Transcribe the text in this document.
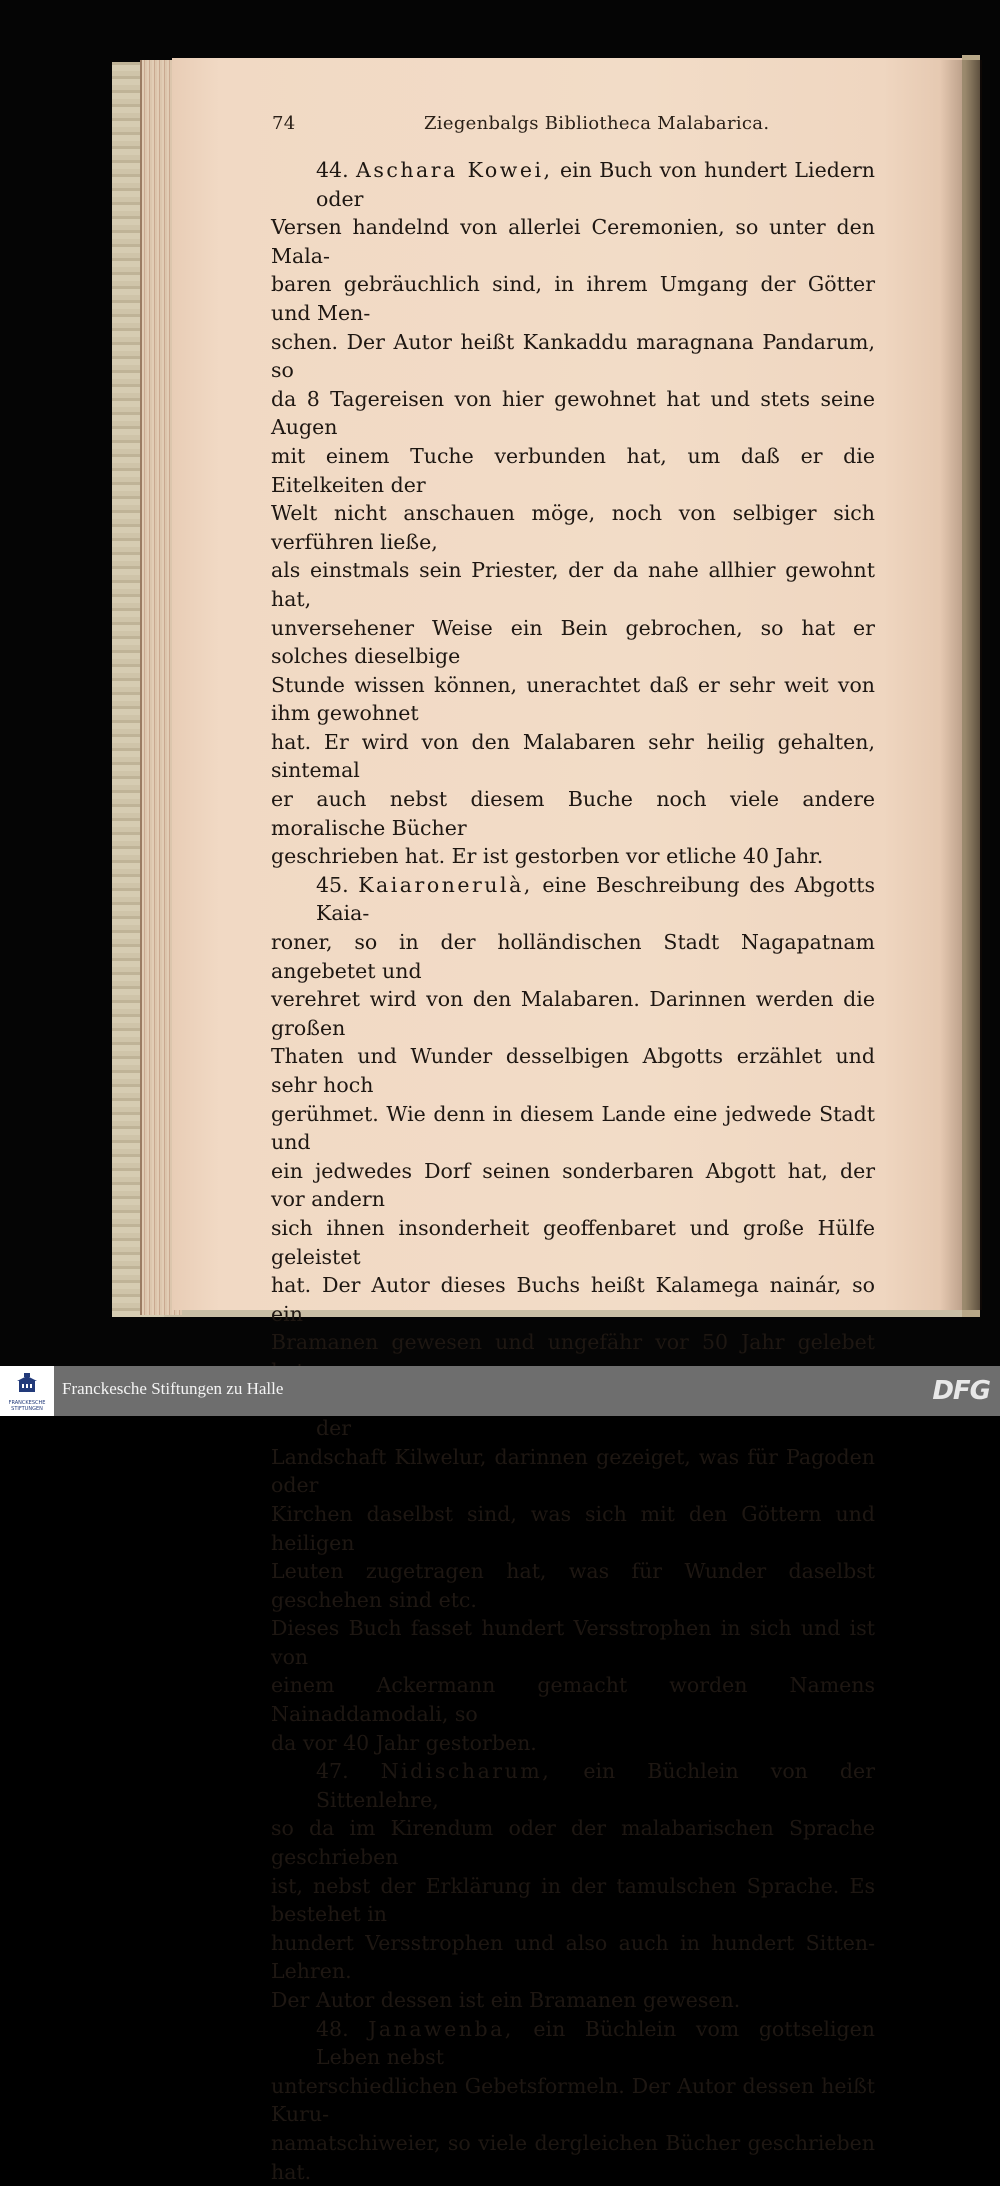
74	Ziegenbalgs Bibliotheca Malabarica.
44. Aschara Kowei, ein Buch von hundert Liedern oder
Versen handelnd von allerlei Ceremonien, so unter den Mala-
baren gebräuchlich sind, in ihrem Umgang der Götter und Men-
schen. Der Autor heißt Kankaddu maragnana Pandarum, so
da 8 Tagereisen von hier gewohnet hat und stets seine Augen
mit einem Tuche verbunden hat, um daß er die Eitelkeiten der
Welt nicht anschauen möge, noch von selbiger sich verführen ließe,
als einstmals sein Priester, der da nahe allhier gewohnt hat,
unversehener Weise ein Bein gebrochen, so hat er solches dieselbige
Stunde wissen können, unerachtet daß er sehr weit von ihm gewohnet
hat. Er wird von den Malabaren sehr heilig gehalten, sintemal
er auch nebst diesem Buche noch viele andere moralische Bücher
geschrieben hat. Er ist gestorben vor etliche 40 Jahr.
45. Kaiaronerulà, eine Beschreibung des Abgotts Kaia-
roner, so in der holländischen Stadt Nagapatnam angebetet und
verehret wird von den Malabaren. Darinnen werden die großen
Thaten und Wunder desselbigen Abgotts erzählet und sehr hoch
gerühmet. Wie denn in diesem Lande eine jedwede Stadt und
ein jedwedes Dorf seinen sonderbaren Abgott hat, der vor andern
sich ihnen insonderheit geoffenbaret und große Hülfe geleistet
hat. Der Autor dieses Buchs heißt Kalamega nainár, so ein
Bramanen gewesen und ungefähr vor 50 Jahr gelebet
der
Landschaft Kilwelur, darinnen gezeiget, was für Pagoden oder
Kirchen daselbst sind, was sich mit den Göttern und heiligen
Leuten zugetragen hat, was für Wunder daselbst geschehen sind etc.
Dieses Buch fasset hundert Versstrophen in sich und ist von
einem Ackermann gemacht worden Namens Nainaddamodali, so
da vor 40 Jahr gestorben.
47. Nidischarum, ein Büchlein von der Sittenlehre,
so da im Kirendum oder der malabarischen Sprache geschrieben
ist, nebst der Erklärung in der tamulschen Sprache. Es bestehet in
hundert Versstrophen und also auch in hundert Sitten-Lehren.
Der Autor dessen ist ein Bramanen gewesen.
48. Janawenba, ein Büchlein vom gottseligen Leben nebst
unterschiedlichen Gebetsformeln. Der Autor dessen heißt Kuru-
namatschiweier, so viele dergleichen Bücher geschrieben hat.
FRANCKESCHE
STIFTUNGEN
Franckesche Stiftungen zu Halle	DFG
